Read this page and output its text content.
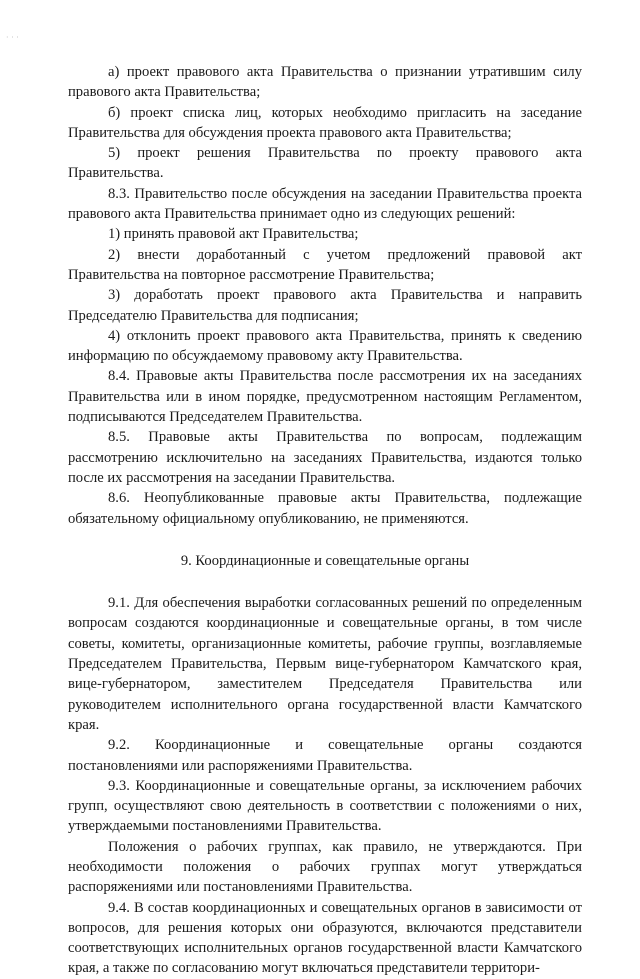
· · ·

а) проект правового акта Правительства о признании утратившим силу правового акта Правительства;

б) проект списка лиц, которых необходимо пригласить на заседание Правительства для обсуждения проекта правового акта Правительства;

5) проект решения Правительства по проекту правового акта Правительства.

8.3. Правительство после обсуждения на заседании Правительства проекта правового акта Правительства принимает одно из следующих решений:

1) принять правовой акт Правительства;

2) внести доработанный с учетом предложений правовой акт Правительства на повторное рассмотрение Правительства;

3) доработать проект правового акта Правительства и направить Председателю Правительства для подписания;

4) отклонить проект правового акта Правительства, принять к сведению информацию по обсуждаемому правовому акту Правительства.

8.4. Правовые акты Правительства после рассмотрения их на заседаниях Правительства или в ином порядке, предусмотренном настоящим Регламентом, подписываются Председателем Правительства.

8.5. Правовые акты Правительства по вопросам, подлежащим рассмотрению исключительно на заседаниях Правительства, издаются только после их рассмотрения на заседании Правительства.

8.6. Неопубликованные правовые акты Правительства, подлежащие обязательному официальному опубликованию, не применяются.

9. Координационные и совещательные органы

9.1. Для обеспечения выработки согласованных решений по определенным вопросам создаются координационные и совещательные органы, в том числе советы, комитеты, организационные комитеты, рабочие группы, возглавляемые Председателем Правительства, Первым вице-губернатором Камчатского края, вице-губернатором, заместителем Председателя Правительства или руководителем исполнительного органа государственной власти Камчатского края.

9.2. Координационные и совещательные органы создаются постановлениями или распоряжениями Правительства.

9.3. Координационные и совещательные органы, за исключением рабочих групп, осуществляют свою деятельность в соответствии с положениями о них, утверждаемыми постановлениями Правительства.

Положения о рабочих группах, как правило, не утверждаются. При необходимости положения о рабочих группах могут утверждаться распоряжениями или постановлениями Правительства.

9.4. В состав координационных и совещательных органов в зависимости от вопросов, для решения которых они образуются, включаются представители соответствующих исполнительных органов государственной власти Камчатского края, а также по согласованию могут включаться представители территори-
